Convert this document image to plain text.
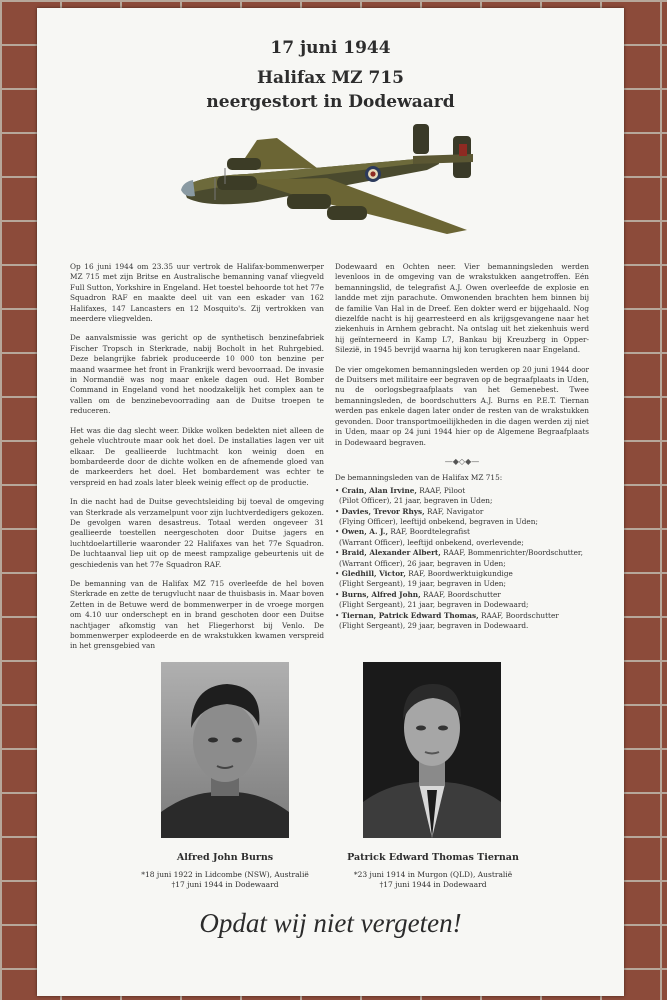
17 juni 1944
Halifax MZ 715
neergestort in Dodewaard

Op 16 juni 1944 om 23.35 uur vertrok de Halifax-bommenwerper MZ 715 met zijn Britse en Australische bemanning vanaf vliegveld Full Sutton, Yorkshire in Engeland. Het toestel behoorde tot het 77e Squadron RAF en maakte deel uit van een eskader van 162 Halifaxes, 147 Lancasters en 12 Mosquito's. Zij vertrokken van meerdere vliegvelden.

De aanvalsmissie was gericht op de synthetisch benzinefabriek Fischer Tropsch in Sterkrade, nabij Bocholt in het Ruhrgebied. Deze belangrijke fabriek produceerde 10 000 ton benzine per maand waarmee het front in Frankrijk werd bevoorraad. De invasie in Normandië was nog maar enkele dagen oud. Het Bomber Command in Engeland vond het noodzakelijk het complex aan te vallen om de benzinebevoorrading aan de Duitse troepen te reduceren.

Het was die dag slecht weer. Dikke wolken bedekten niet alleen de gehele vluchtroute maar ook het doel. De installaties lagen ver uit elkaar. De geallieerde luchtmacht kon weinig doen en bombardeerde door de dichte wolken en de afnemende gloed van de markeerders het doel. Het bombardement was echter te verspreid en had zoals later bleek weinig effect op de productie.

In die nacht had de Duitse gevechtsleiding bij toeval de omgeving van Sterkrade als verzamelpunt voor zijn luchtverdedigers gekozen. De gevolgen waren desastreus. Totaal werden ongeveer 31 geallieerde toestellen neergeschoten door Duitse jagers en luchtdoelartillerie waaronder 22 Halifaxes van het 77e Squadron. De luchtaanval liep uit op de meest rampzalige gebeurtenis uit de geschiedenis van het 77e Squadron RAF.

De bemanning van de Halifax MZ 715 overleefde de hel boven Sterkrade en zette de terugvlucht naar de thuisbasis in. Maar boven Zetten in de Betuwe werd de bommenwerper in de vroege morgen om 4.10 uur onderschept en in brand geschoten door een Duitse nachtjager afkomstig van het Fliegerhorst bij Venlo. De bommenwerper explodeerde en de wrakstukken kwamen verspreid in het grensgebied van

Dodewaard en Ochten neer. Vier bemanningsleden werden levenloos in de omgeving van de wrakstukken aangetroffen. Eén bemanningslid, de telegrafist A.J. Owen overleefde de explosie en landde met zijn parachute. Omwonenden brachten hem binnen bij de familie Van Hal in de Dreef. Een dokter werd er bijgehaald. Nog diezelfde nacht is hij gearresteerd en als krijgsgevangene naar het ziekenhuis in Arnhem gebracht. Na ontslag uit het ziekenhuis werd hij geïnterneerd in Kamp L7, Bankau bij Kreuzberg in Opper-Silezië, in 1945 bevrijd waarna hij kon terugkeren naar Engeland.

De vier omgekomen bemanningsleden werden op 20 juni 1944 door de Duitsers met militaire eer begraven op de begraafplaats in Uden, nu de oorlogsbegraafplaats van het Gemenebest. Twee bemanningsleden, de boordschutters A.J. Burns en P.E.T. Tiernan werden pas enkele dagen later onder de resten van de wrakstukken gevonden. Door transportmoeilijkheden in die dagen werden zij niet in Uden, maar op 24 juni 1944 hier op de Algemene Begraafplaats in Dodewaard begraven.

—◆◇◆—

De bemanningsleden van de Halifax MZ 715:

• Crain, Alan Irvine, RAAF, Piloot
(Pilot Officer), 21 jaar, begraven in Uden;
• Davies, Trevor Rhys, RAF, Navigator
(Flying Officer), leeftijd onbekend, begraven in Uden;
• Owen, A. J., RAF, Boordtelegrafist
(Warrant Officer), leeftijd onbekend, overlevende;
• Braid, Alexander Albert, RAAF, Bommenrichter/Boordschutter,
(Warrant Officer), 26 jaar, begraven in Uden;
• Gledhill, Victor, RAF, Boordwerktuigkundige
(Flight Sergeant), 19 jaar, begraven in Uden;
• Burns, Alfred John, RAAF, Boordschutter
(Flight Sergeant), 21 jaar, begraven in Dodewaard;
• Tiernan, Patrick Edward Thomas, RAAF, Boordschutter
(Flight Sergeant), 29 jaar, begraven in Dodewaard.
Alfred John Burns
*18 juni 1922 in Lidcombe (NSW), Australië
†17 juni 1944 in Dodewaard
Patrick Edward Thomas Tiernan
*23 juni 1914 in Murgon (QLD), Australië
†17 juni 1944 in Dodewaard
Opdat wij niet vergeten!
